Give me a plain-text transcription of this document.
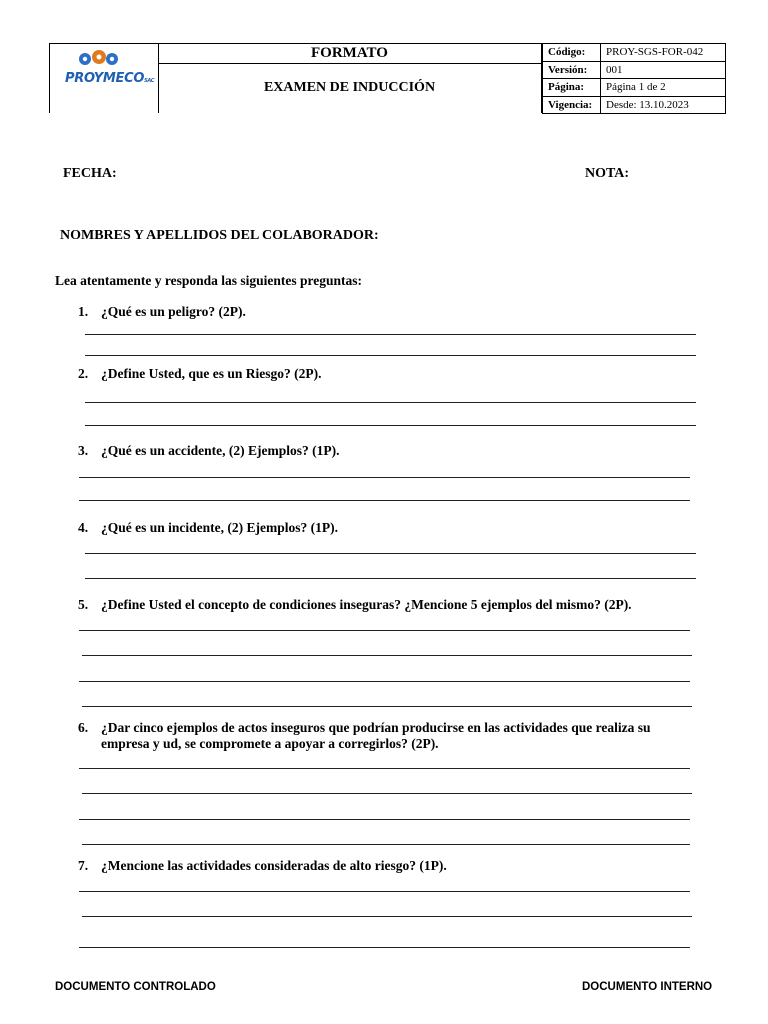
PROYMECOSAC
FORMATO
EXAMEN DE INDUCCIÓN
Código:	PROY-SGS-FOR-042
Versión:	001
Página:	Página 1 de 2
Vigencia:	Desde: 13.10.2023
FECHA:	NOTA:
NOMBRES Y APELLIDOS DEL COLABORADOR:
Lea atentamente y responda las siguientes preguntas:
1. ¿Qué es un peligro? (2P).
2. ¿Define Usted, que es un Riesgo? (2P).
3. ¿Qué es un accidente, (2) Ejemplos? (1P).
4. ¿Qué es un incidente, (2) Ejemplos? (1P).
5. ¿Define Usted el concepto de condiciones inseguras? ¿Mencione 5 ejemplos del mismo? (2P).
6. ¿Dar cinco ejemplos de actos inseguros que podrían producirse en las actividades que realiza su empresa y ud, se compromete a apoyar a corregirlos? (2P).
7. ¿Mencione las actividades consideradas de alto riesgo? (1P).
DOCUMENTO CONTROLADO	DOCUMENTO INTERNO
